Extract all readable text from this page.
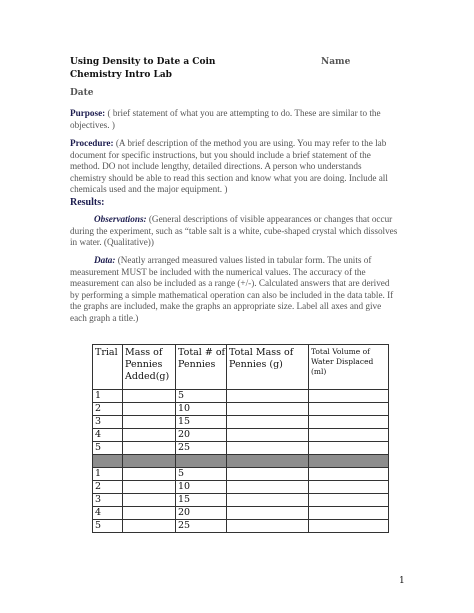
Using Density to Date a Coin
Chemistry Intro Lab
Name
Date
Purpose: ( brief statement of what you are attempting to do. These are similar to the objectives. )
Procedure: (A brief description of the method you are using. You may refer to the lab document for specific instructions, but you should include a brief statement of the method. DO not include lengthy, detailed directions. A person who understands chemistry should be able to read this section and know what you are doing. Include all chemicals used and the major equipment. )
Results:
Observations: (General descriptions of visible appearances or changes that occur during the experiment, such as “table salt is a white, cube-shaped crystal which dissolves in water. (Qualitative))
Data: (Neatly arranged measured values listed in tabular form. The units of measurement MUST be included with the numerical values. The accuracy of the measurement can also be included as a range (+/-). Calculated answers that are derived by performing a simple mathematical operation can also be included in the data table. If the graphs are included, make the graphs an appropriate size. Label all axes and give each graph a title.)
Trial	Mass of Pennies Added(g)	Total # of Pennies	Total Mass of Pennies (g)	Total Volume of Water Displaced (ml)
1		5		
2		10		
3		15		
4		20		
5		25		

1		5		
2		10		
3		15		
4		20		
5		25		
1
